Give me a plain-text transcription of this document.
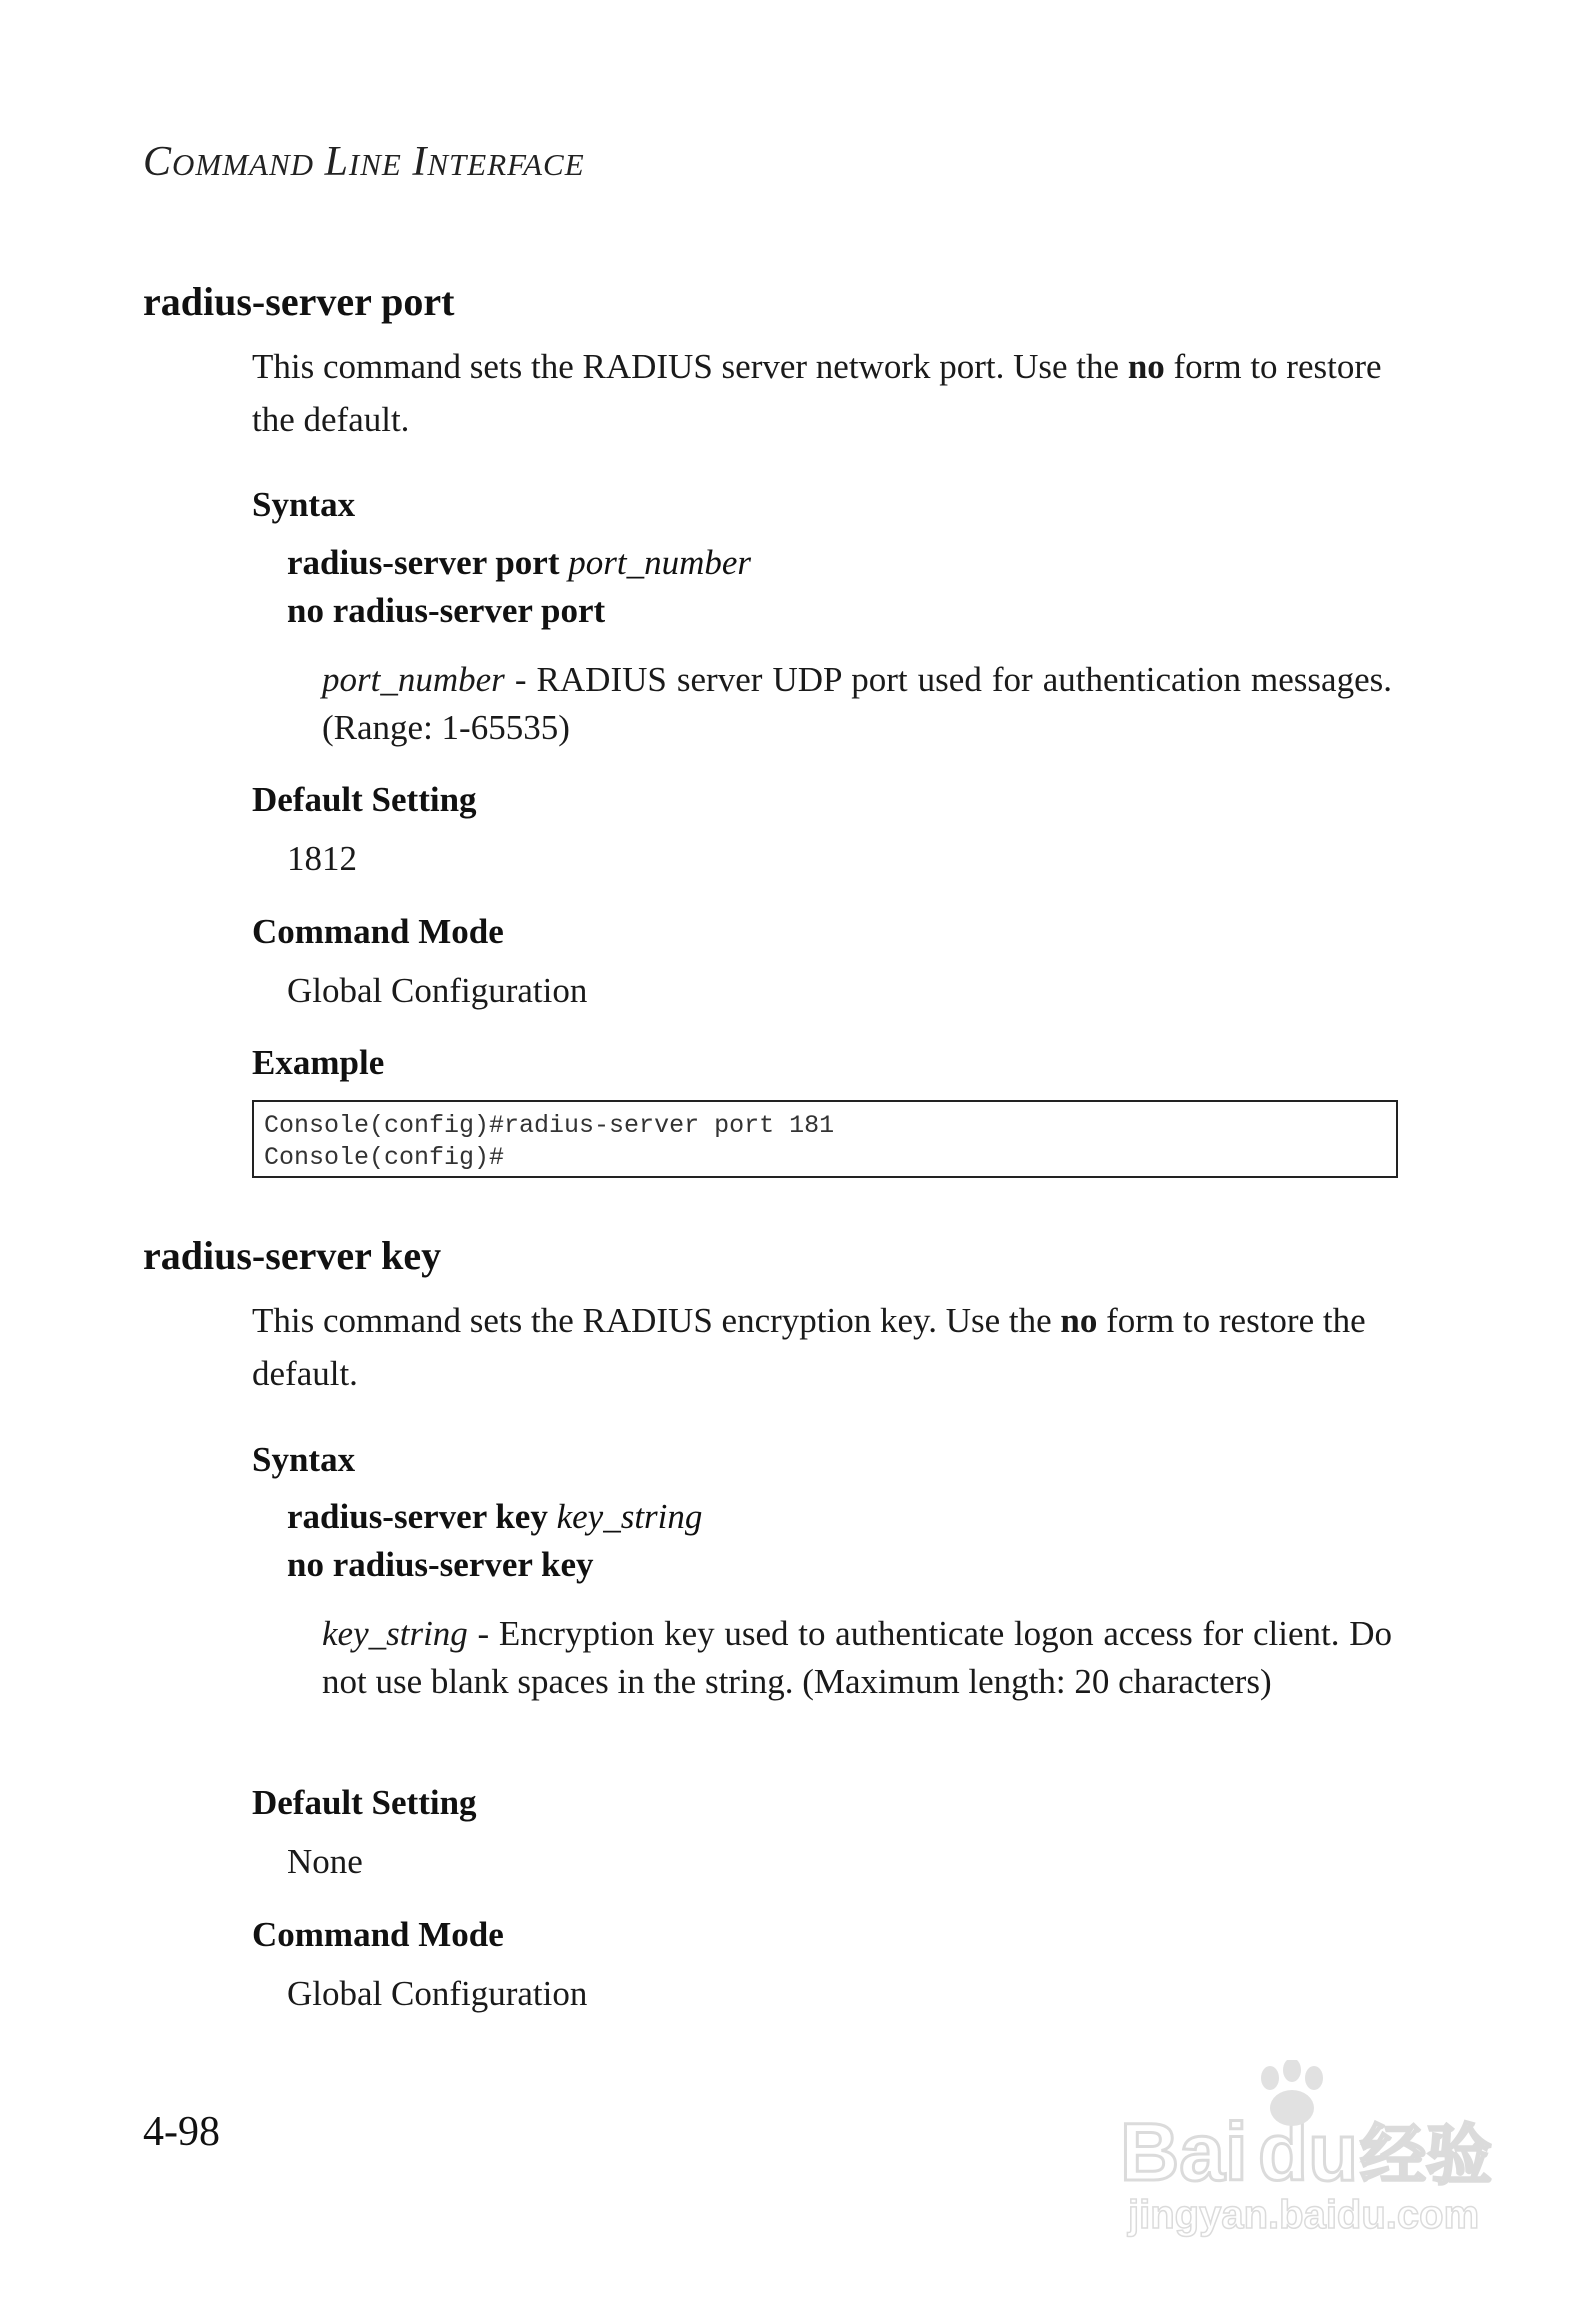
COMMAND LINE INTERFACE
radius-server port
This command sets the RADIUS server network port. Use the no form to restore the default.
Syntax
radius-server port port_number
no radius-server port
port_number - RADIUS server UDP port used for authentication messages. (Range: 1-65535)
Default Setting
1812
Command Mode
Global Configuration
Example
Console(config)#radius-server port 181
Console(config)#
radius-server key
This command sets the RADIUS encryption key. Use the no form to restore the default.
Syntax
radius-server key key_string
no radius-server key
key_string - Encryption key used to authenticate logon access for client. Do not use blank spaces in the string. (Maximum length: 20 characters)
Default Setting
None
Command Mode
Global Configuration
4-98	Bai du 经验
jingyan.baidu.com
